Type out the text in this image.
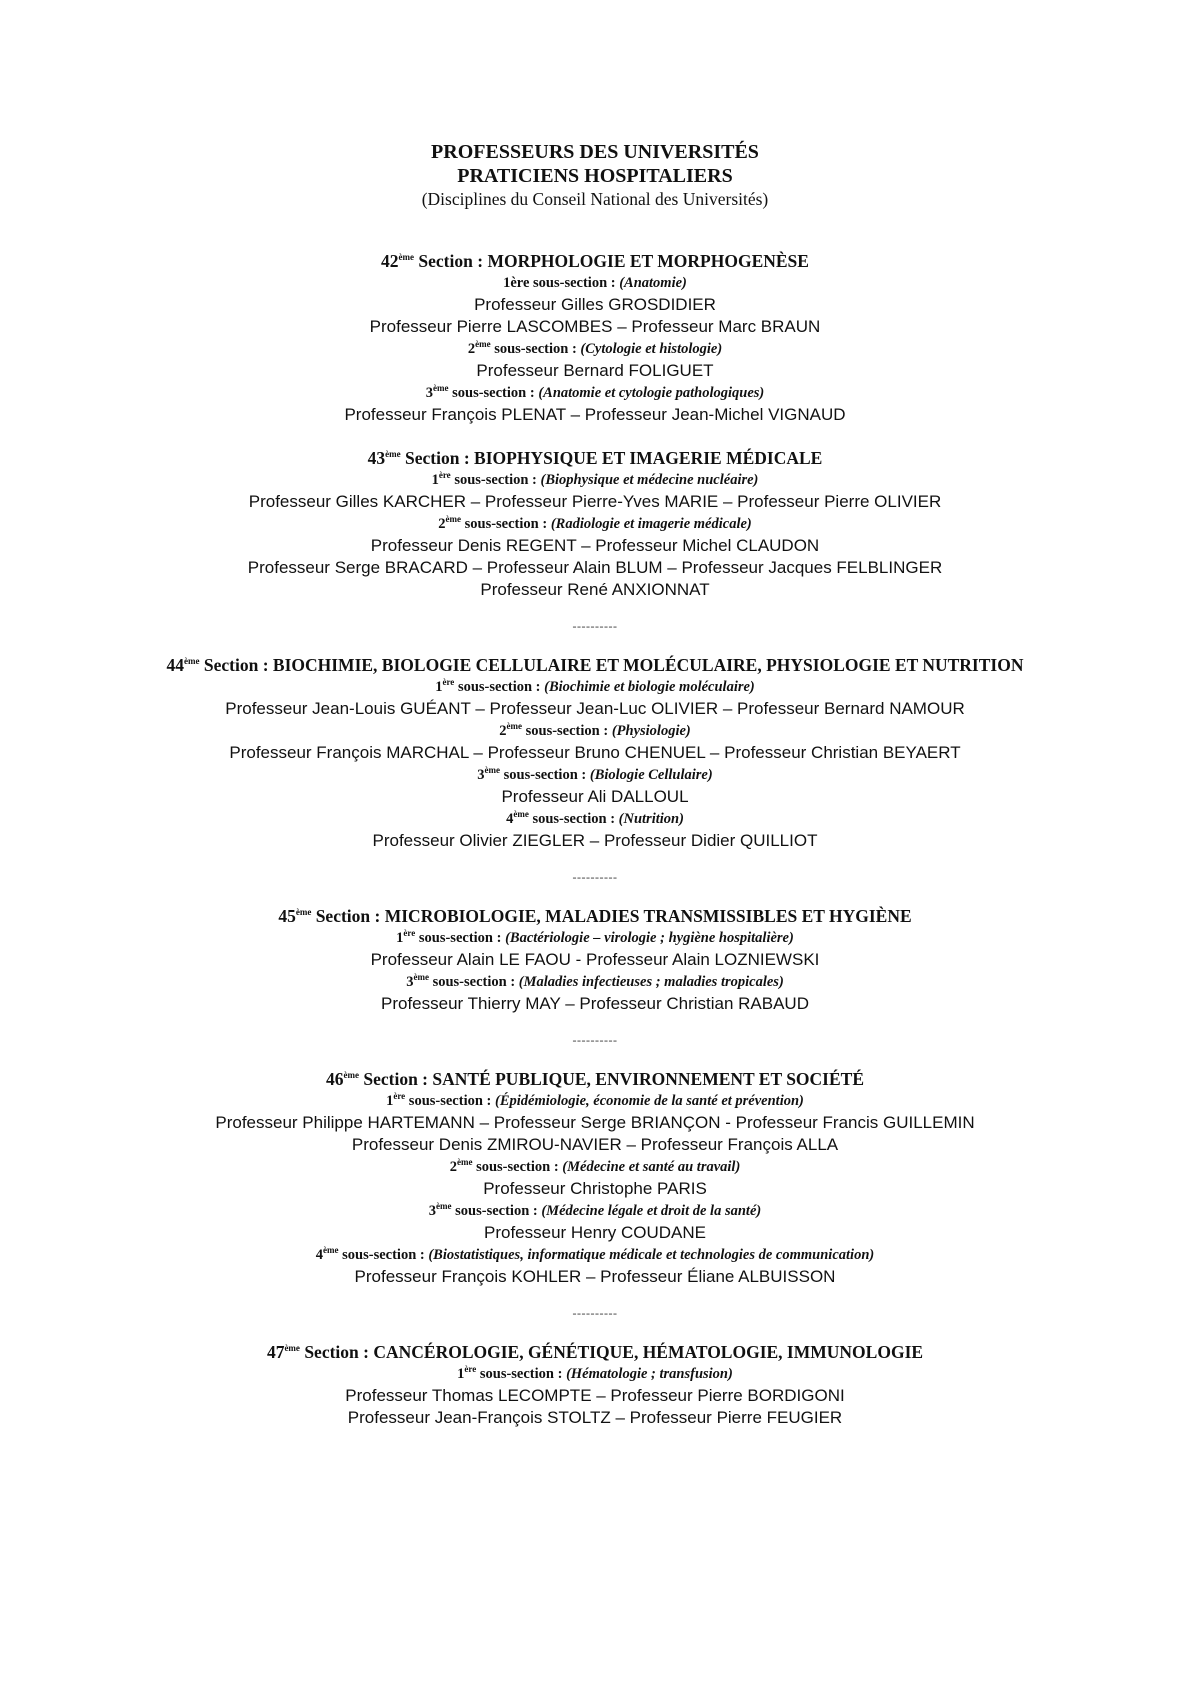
PROFESSEURS DES UNIVERSITÉS

PRATICIENS HOSPITALIERS

(Disciplines du Conseil National des Universités)

42ème Section : MORPHOLOGIE ET MORPHOGENÈSE

1ère sous-section : (Anatomie)

Professeur Gilles GROSDIDIER

Professeur Pierre LASCOMBES – Professeur Marc BRAUN

2ème sous-section : (Cytologie et histologie)

Professeur Bernard FOLIGUET

3ème sous-section : (Anatomie et cytologie pathologiques)

Professeur François PLENAT – Professeur Jean-Michel VIGNAUD

43ème Section : BIOPHYSIQUE ET IMAGERIE MÉDICALE

1ère sous-section : (Biophysique et médecine nucléaire)

Professeur Gilles KARCHER – Professeur Pierre-Yves MARIE – Professeur Pierre OLIVIER

2ème sous-section : (Radiologie et imagerie médicale)

Professeur Denis REGENT – Professeur Michel CLAUDON

Professeur Serge BRACARD – Professeur Alain BLUM – Professeur Jacques FELBLINGER

Professeur René ANXIONNAT

----------

44ème Section : BIOCHIMIE, BIOLOGIE CELLULAIRE ET MOLÉCULAIRE, PHYSIOLOGIE ET NUTRITION

1ère sous-section : (Biochimie et biologie moléculaire)

Professeur Jean-Louis GUÉANT – Professeur Jean-Luc OLIVIER – Professeur Bernard NAMOUR

2ème sous-section : (Physiologie)

Professeur François MARCHAL – Professeur Bruno CHENUEL – Professeur Christian BEYAERT

3ème sous-section : (Biologie Cellulaire)

Professeur Ali DALLOUL

4ème sous-section : (Nutrition)

Professeur Olivier ZIEGLER – Professeur Didier QUILLIOT

----------

45ème Section : MICROBIOLOGIE, MALADIES TRANSMISSIBLES ET HYGIÈNE

1ère sous-section : (Bactériologie – virologie ; hygiène hospitalière)

Professeur Alain LE FAOU - Professeur Alain LOZNIEWSKI

3ème sous-section : (Maladies infectieuses ; maladies tropicales)

Professeur Thierry MAY – Professeur Christian RABAUD

----------

46ème Section : SANTÉ PUBLIQUE, ENVIRONNEMENT ET SOCIÉTÉ

1ère sous-section : (Épidémiologie, économie de la santé et prévention)

Professeur Philippe HARTEMANN – Professeur Serge BRIANÇON - Professeur Francis GUILLEMIN

Professeur Denis ZMIROU-NAVIER – Professeur François ALLA

2ème sous-section : (Médecine et santé au travail)

Professeur Christophe PARIS

3ème sous-section : (Médecine légale et droit de la santé)

Professeur Henry COUDANE

4ème sous-section : (Biostatistiques, informatique médicale et technologies de communication)

Professeur François KOHLER – Professeur Éliane ALBUISSON

----------

47ème Section : CANCÉROLOGIE, GÉNÉTIQUE, HÉMATOLOGIE, IMMUNOLOGIE

1ère sous-section : (Hématologie ; transfusion)

Professeur Thomas LECOMPTE – Professeur Pierre BORDIGONI

Professeur Jean-François STOLTZ – Professeur Pierre FEUGIER
